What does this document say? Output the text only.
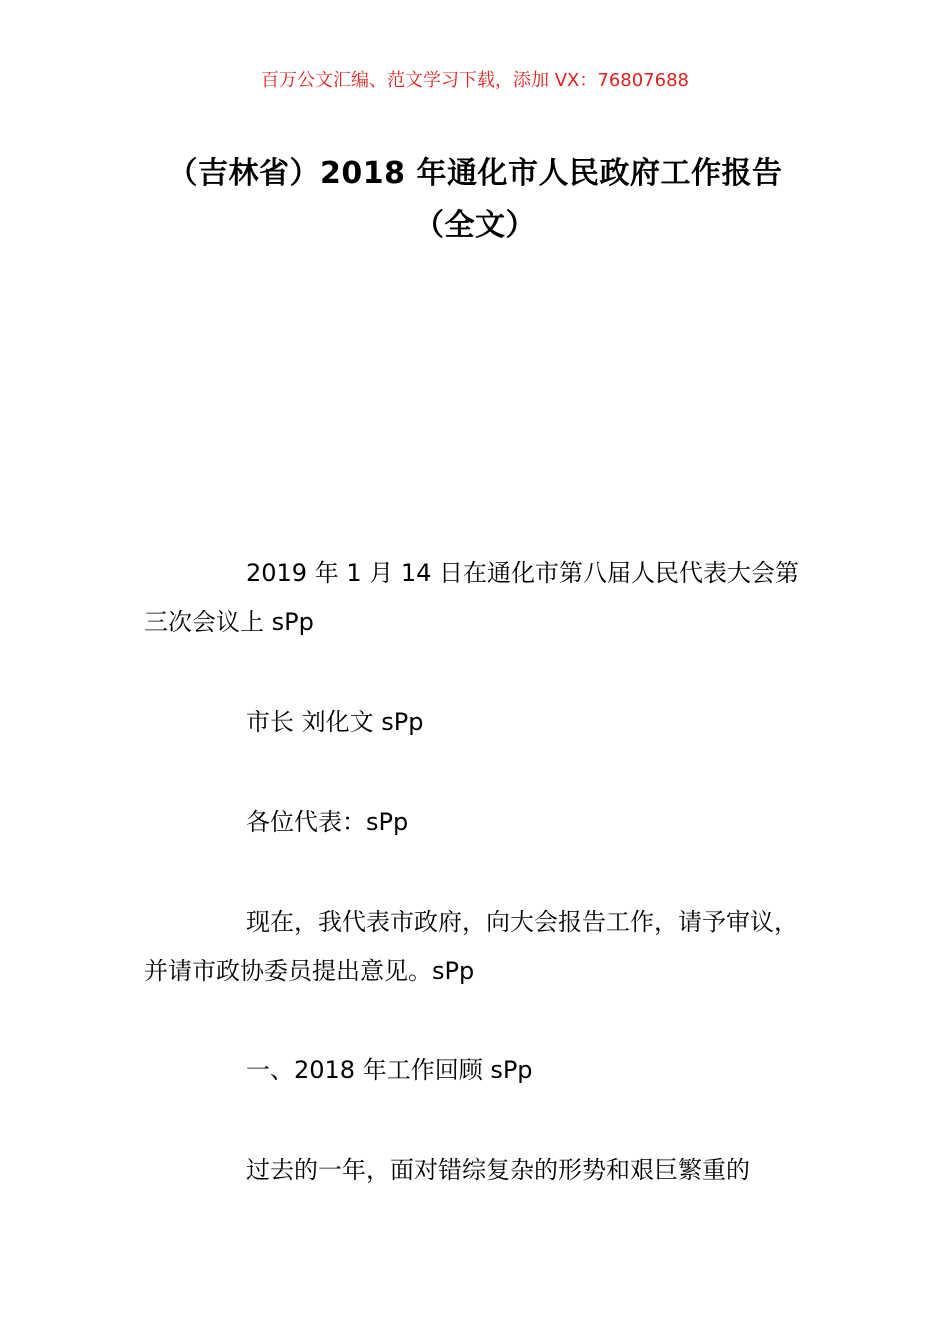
百万公文汇编、范文学习下载，添加 VX：76807688
（吉林省）2018 年通化市人民政府工作报告（全文）

2019 年 1 月 14 日在通化市第八届人民代表大会第三次会议上 sPp

市长 刘化文 sPp

各位代表：sPp

现在，我代表市政府，向大会报告工作，请予审议，并请市政协委员提出意见。sPp

一、2018 年工作回顾 sPp

过去的一年，面对错综复杂的形势和艰巨繁重的
